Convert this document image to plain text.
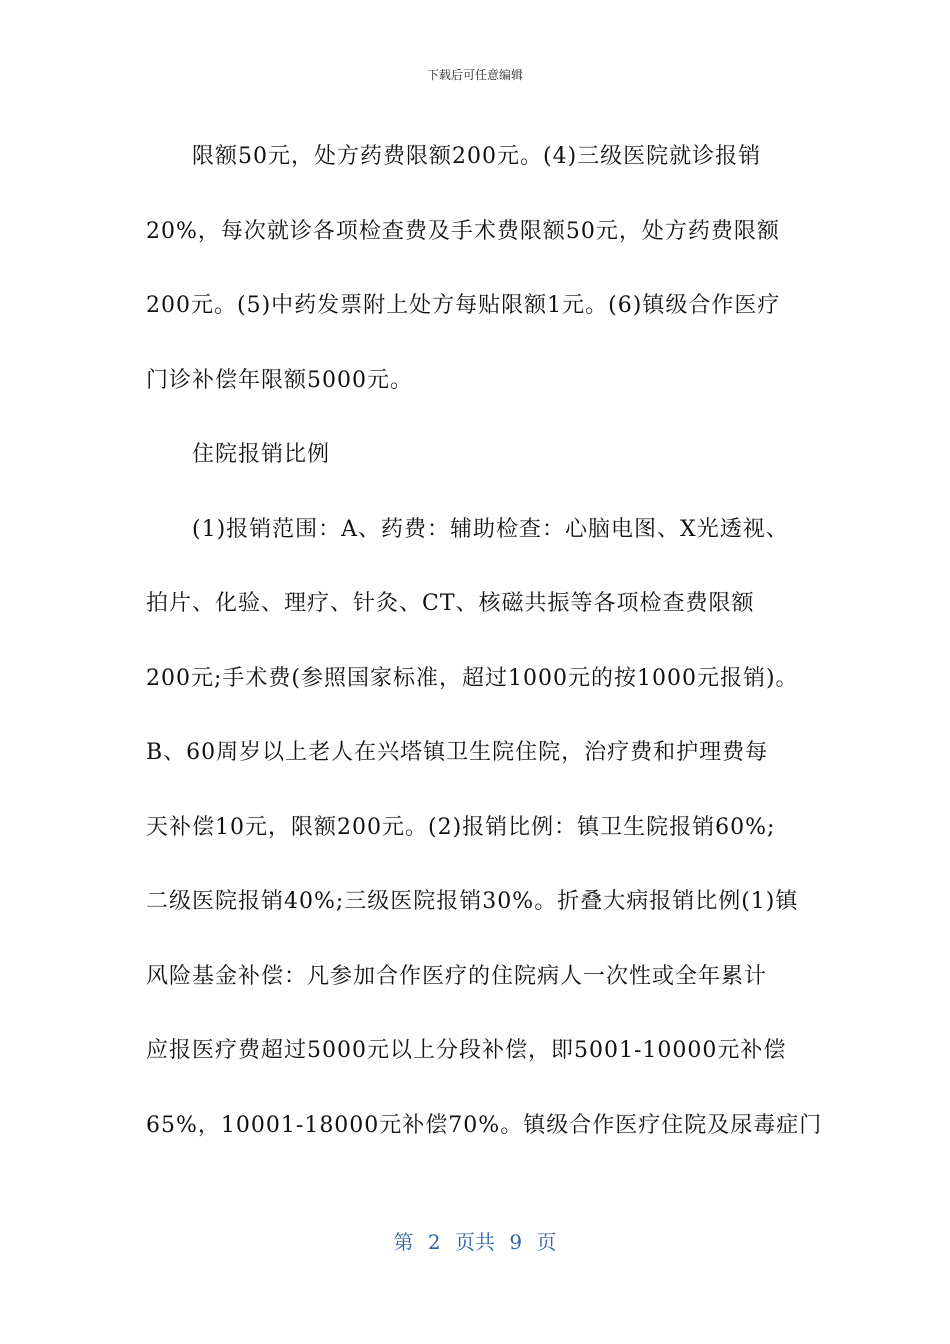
下载后可任意编辑
限额50元，处方药费限额200元。(4)三级医院就诊报销
20%，每次就诊各项检查费及手术费限额50元，处方药费限额
200元。(5)中药发票附上处方每贴限额1元。(6)镇级合作医疗
门诊补偿年限额5000元。
住院报销比例
(1)报销范围：A、药费：辅助检查：心脑电图、X光透视、
拍片、化验、理疗、针灸、CT、核磁共振等各项检查费限额
200元;手术费(参照国家标准，超过1000元的按1000元报销)。
B、60周岁以上老人在兴塔镇卫生院住院，治疗费和护理费每
天补偿10元，限额200元。(2)报销比例：镇卫生院报销60%;
二级医院报销40%;三级医院报销30%。折叠大病报销比例(1)镇
风险基金补偿：凡参加合作医疗的住院病人一次性或全年累计
应报医疗费超过5000元以上分段补偿，即5001-10000元补偿
65%，10001-18000元补偿70%。镇级合作医疗住院及尿毒症门
第 2 页共 9 页
